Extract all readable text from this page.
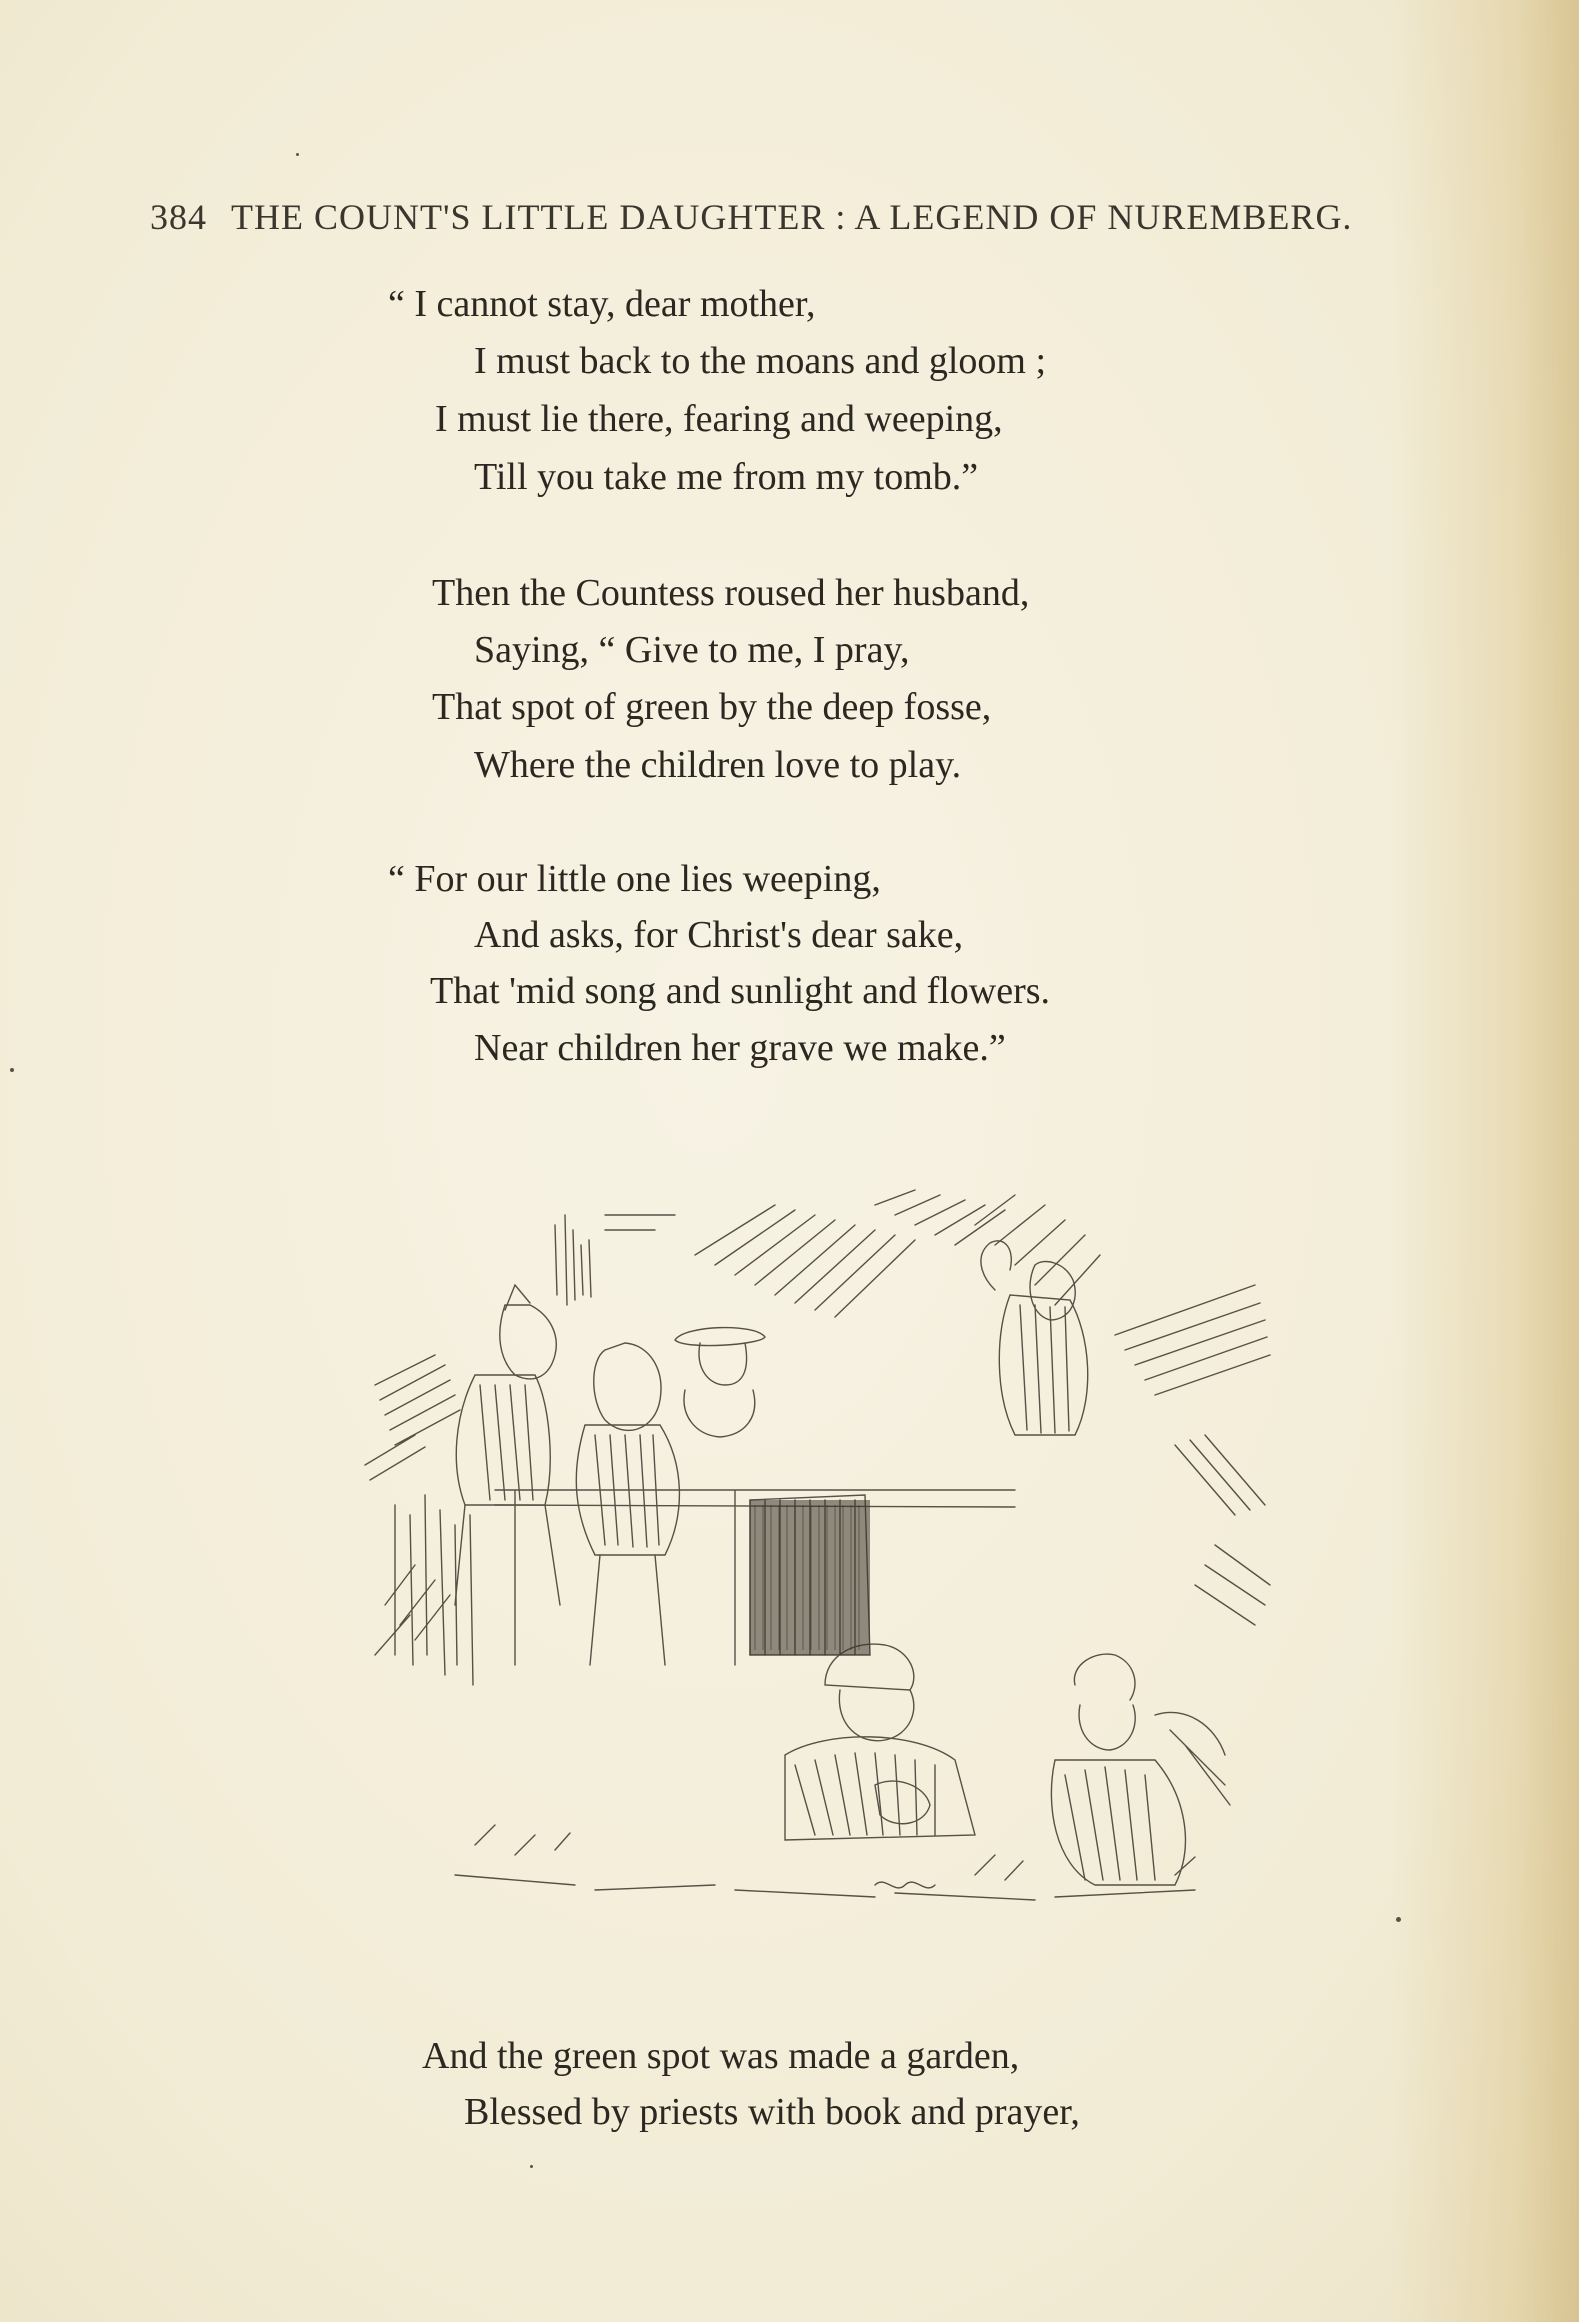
384 THE COUNT'S LITTLE DAUGHTER : A LEGEND OF NUREMBERG.
“ I cannot stay, dear mother,
I must back to the moans and gloom ;
I must lie there, fearing and weeping,
Till you take me from my tomb.”
Then the Countess roused her husband,
Saying, “ Give to me, I pray,
That spot of green by the deep fosse,
Where the children love to play.
“ For our little one lies weeping,
And asks, for Christ's dear sake,
That 'mid song and sunlight and flowers.
Near children her grave we make.”
And the green spot was made a garden,
Blessed by priests with book and prayer,
